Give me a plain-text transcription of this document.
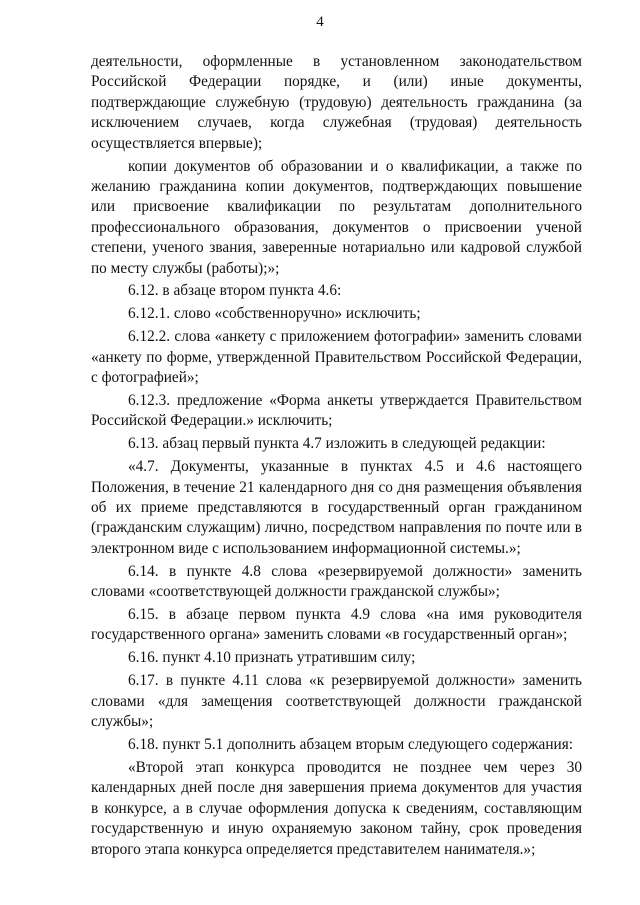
4

деятельности, оформленные в установленном законодательством Российской Федерации порядке, и (или) иные документы, подтверждающие служебную (трудовую) деятельность гражданина (за исключением случаев, когда служебная (трудовая) деятельность осуществляется впервые);

копии документов об образовании и о квалификации, а также по желанию гражданина копии документов, подтверждающих повышение или присвоение квалификации по результатам дополнительного профессионального образования, документов о присвоении ученой степени, ученого звания, заверенные нотариально или кадровой службой по месту службы (работы);»;

6.12. в абзаце втором пункта 4.6:

6.12.1. слово «собственноручно» исключить;

6.12.2. слова «анкету с приложением фотографии» заменить словами «анкету по форме, утвержденной Правительством Российской Федерации, с фотографией»;

6.12.3. предложение «Форма анкеты утверждается Правительством Российской Федерации.» исключить;

6.13. абзац первый пункта 4.7 изложить в следующей редакции:

«4.7. Документы, указанные в пунктах 4.5 и 4.6 настоящего Положения, в течение 21 календарного дня со дня размещения объявления об их приеме представляются в государственный орган гражданином (гражданским служащим) лично, посредством направления по почте или в электронном виде с использованием информационной системы.»;

6.14. в пункте 4.8 слова «резервируемой должности» заменить словами «соответствующей должности гражданской службы»;

6.15. в абзаце первом пункта 4.9 слова «на имя руководителя государственного органа» заменить словами «в государственный орган»;

6.16. пункт 4.10 признать утратившим силу;

6.17. в пункте 4.11 слова «к резервируемой должности» заменить словами «для замещения соответствующей должности гражданской службы»;

6.18. пункт 5.1 дополнить абзацем вторым следующего содержания:

«Второй этап конкурса проводится не позднее чем через 30 календарных дней после дня завершения приема документов для участия в конкурсе, а в случае оформления допуска к сведениям, составляющим государственную и иную охраняемую законом тайну, срок проведения второго этапа конкурса определяется представителем нанимателя.»;
